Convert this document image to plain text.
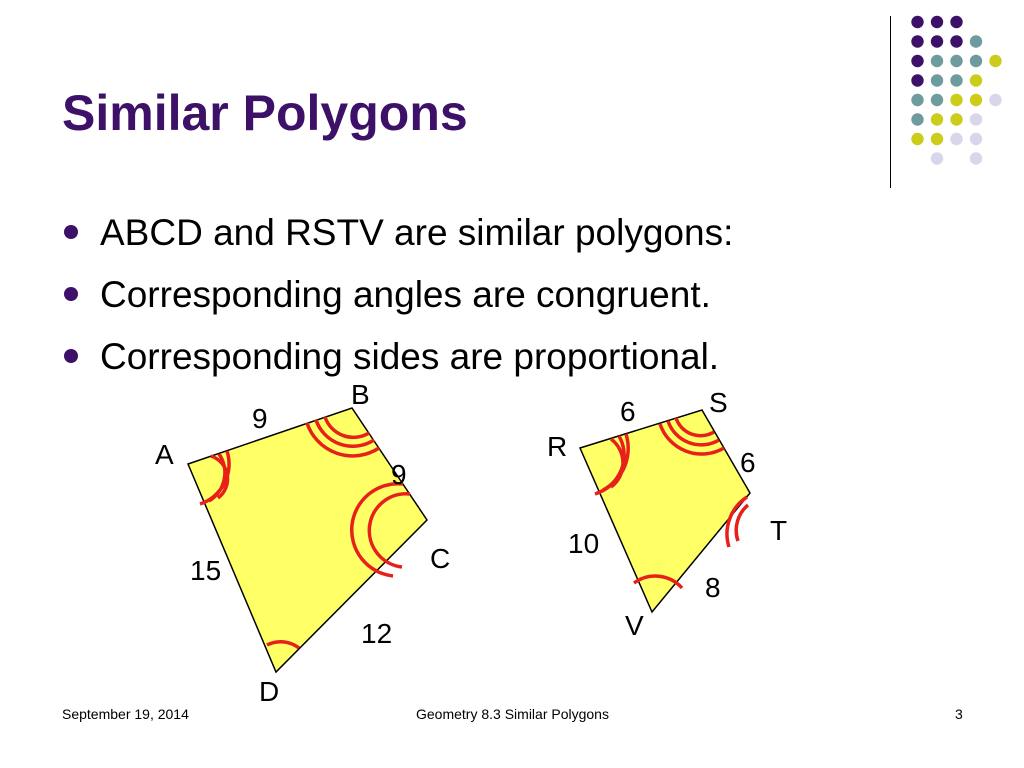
Similar Polygons
ABCD and RSTV are similar polygons:
Corresponding angles are congruent.
Corresponding sides are proportional.
A
B
C
D
9
9
12
15
R
S
T
V
6
6
8
10
September 19, 2014	Geometry 8.3 Similar Polygons	3
